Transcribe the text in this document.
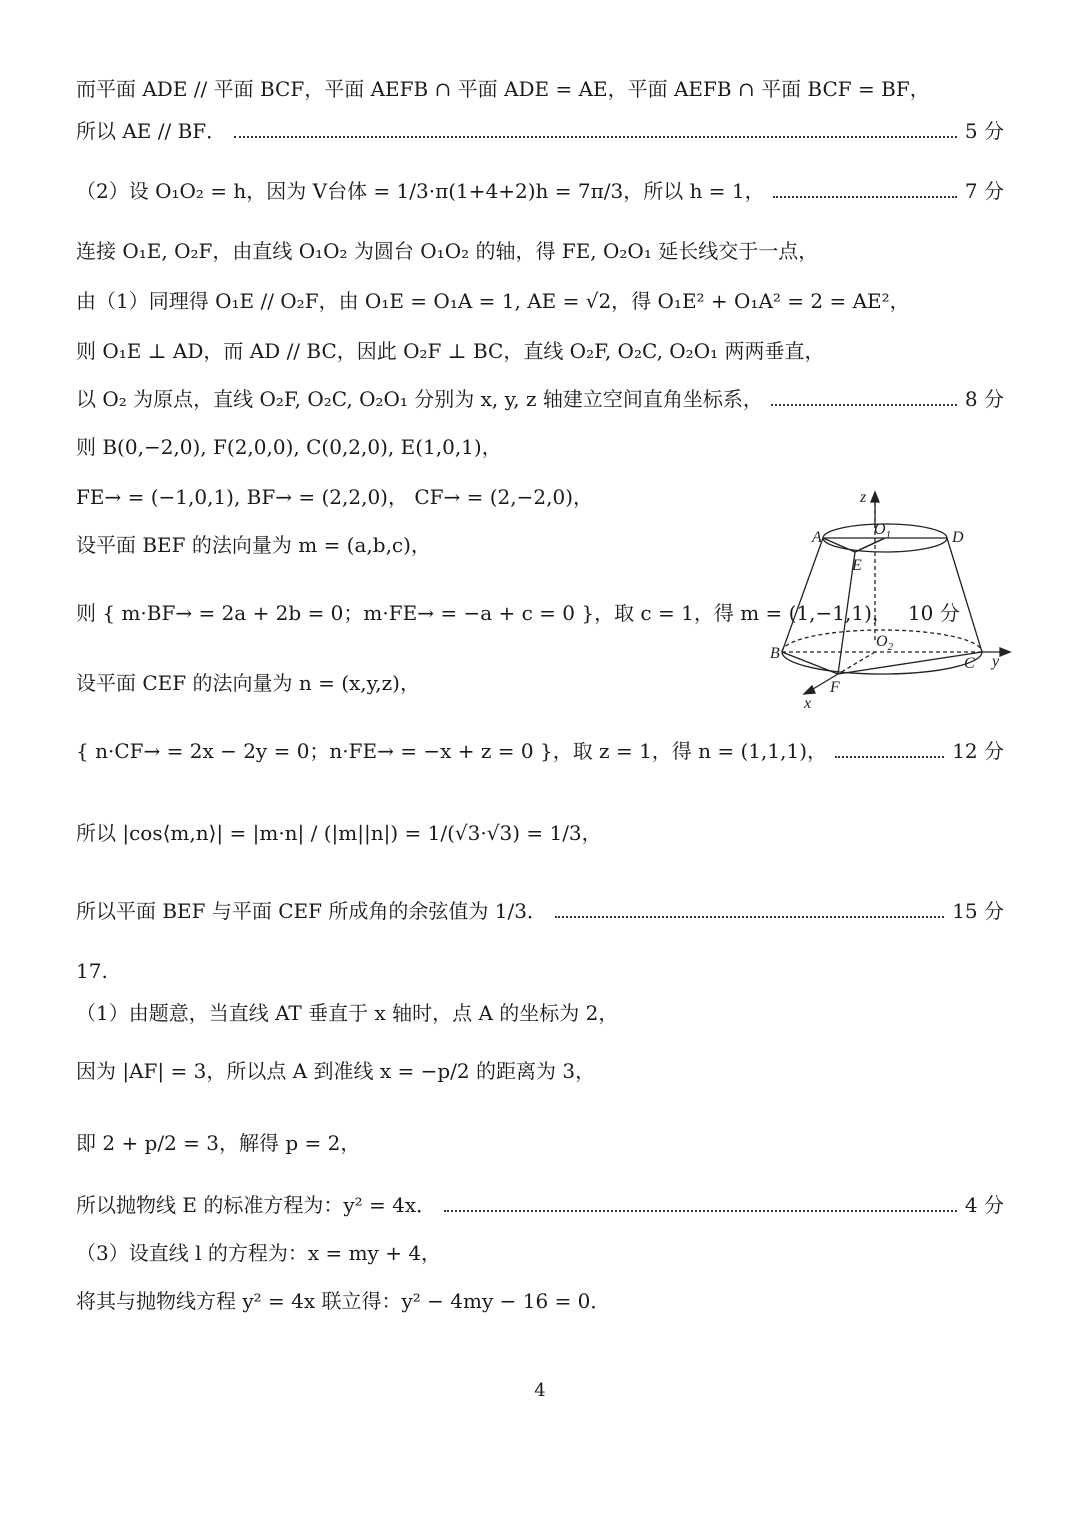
而平面 ADE // 平面 BCF，平面 AEFB ∩ 平面 ADE = AE，平面 AEFB ∩ 平面 BCF = BF，
所以 AE // BF．	5 分
（2）设 O₁O₂ = h，因为 V台体 = 1/3·π(1+4+2)h = 7π/3，所以 h = 1，	7 分
连接 O₁E, O₂F，由直线 O₁O₂ 为圆台 O₁O₂ 的轴，得 FE, O₂O₁ 延长线交于一点，
由（1）同理得 O₁E // O₂F，由 O₁E = O₁A = 1, AE = √2，得 O₁E² + O₁A² = 2 = AE²，
则 O₁E ⊥ AD，而 AD // BC，因此 O₂F ⊥ BC，直线 O₂F, O₂C, O₂O₁ 两两垂直，
以 O₂ 为原点，直线 O₂F, O₂C, O₂O₁ 分别为 x, y, z 轴建立空间直角坐标系，	8 分
则 B(0,−2,0), F(2,0,0), C(0,2,0), E(1,0,1)，
FE→ = (−1,0,1), BF→ = (2,2,0)， CF→ = (2,−2,0)，
设平面 BEF 的法向量为 m = (a,b,c)，
则 { m·BF→ = 2a + 2b = 0；m·FE→ = −a + c = 0 }，取 c = 1，得 m = (1,−1,1)， 10 分
设平面 CEF 的法向量为 n = (x,y,z)，
{ n·CF→ = 2x − 2y = 0；n·FE→ = −x + z = 0 }，取 z = 1，得 n = (1,1,1)，	12 分
所以 |cos⟨m,n⟩| = |m·n| / (|m||n|) = 1/(√3·√3) = 1/3，
所以平面 BEF 与平面 CEF 所成角的余弦值为 1/3．	15 分
17.
（1）由题意，当直线 AT 垂直于 x 轴时，点 A 的坐标为 2，
因为 |AF| = 3，所以点 A 到准线 x = −p/2 的距离为 3，
即 2 + p/2 = 3，解得 p = 2，
所以抛物线 E 的标准方程为：y² = 4x．	4 分
（3）设直线 l 的方程为：x = my + 4，
将其与抛物线方程 y² = 4x 联立得：y² − 4my − 16 = 0．
z
A	$O_1$	D
E
B
$O_2$
C y
F
x
4
